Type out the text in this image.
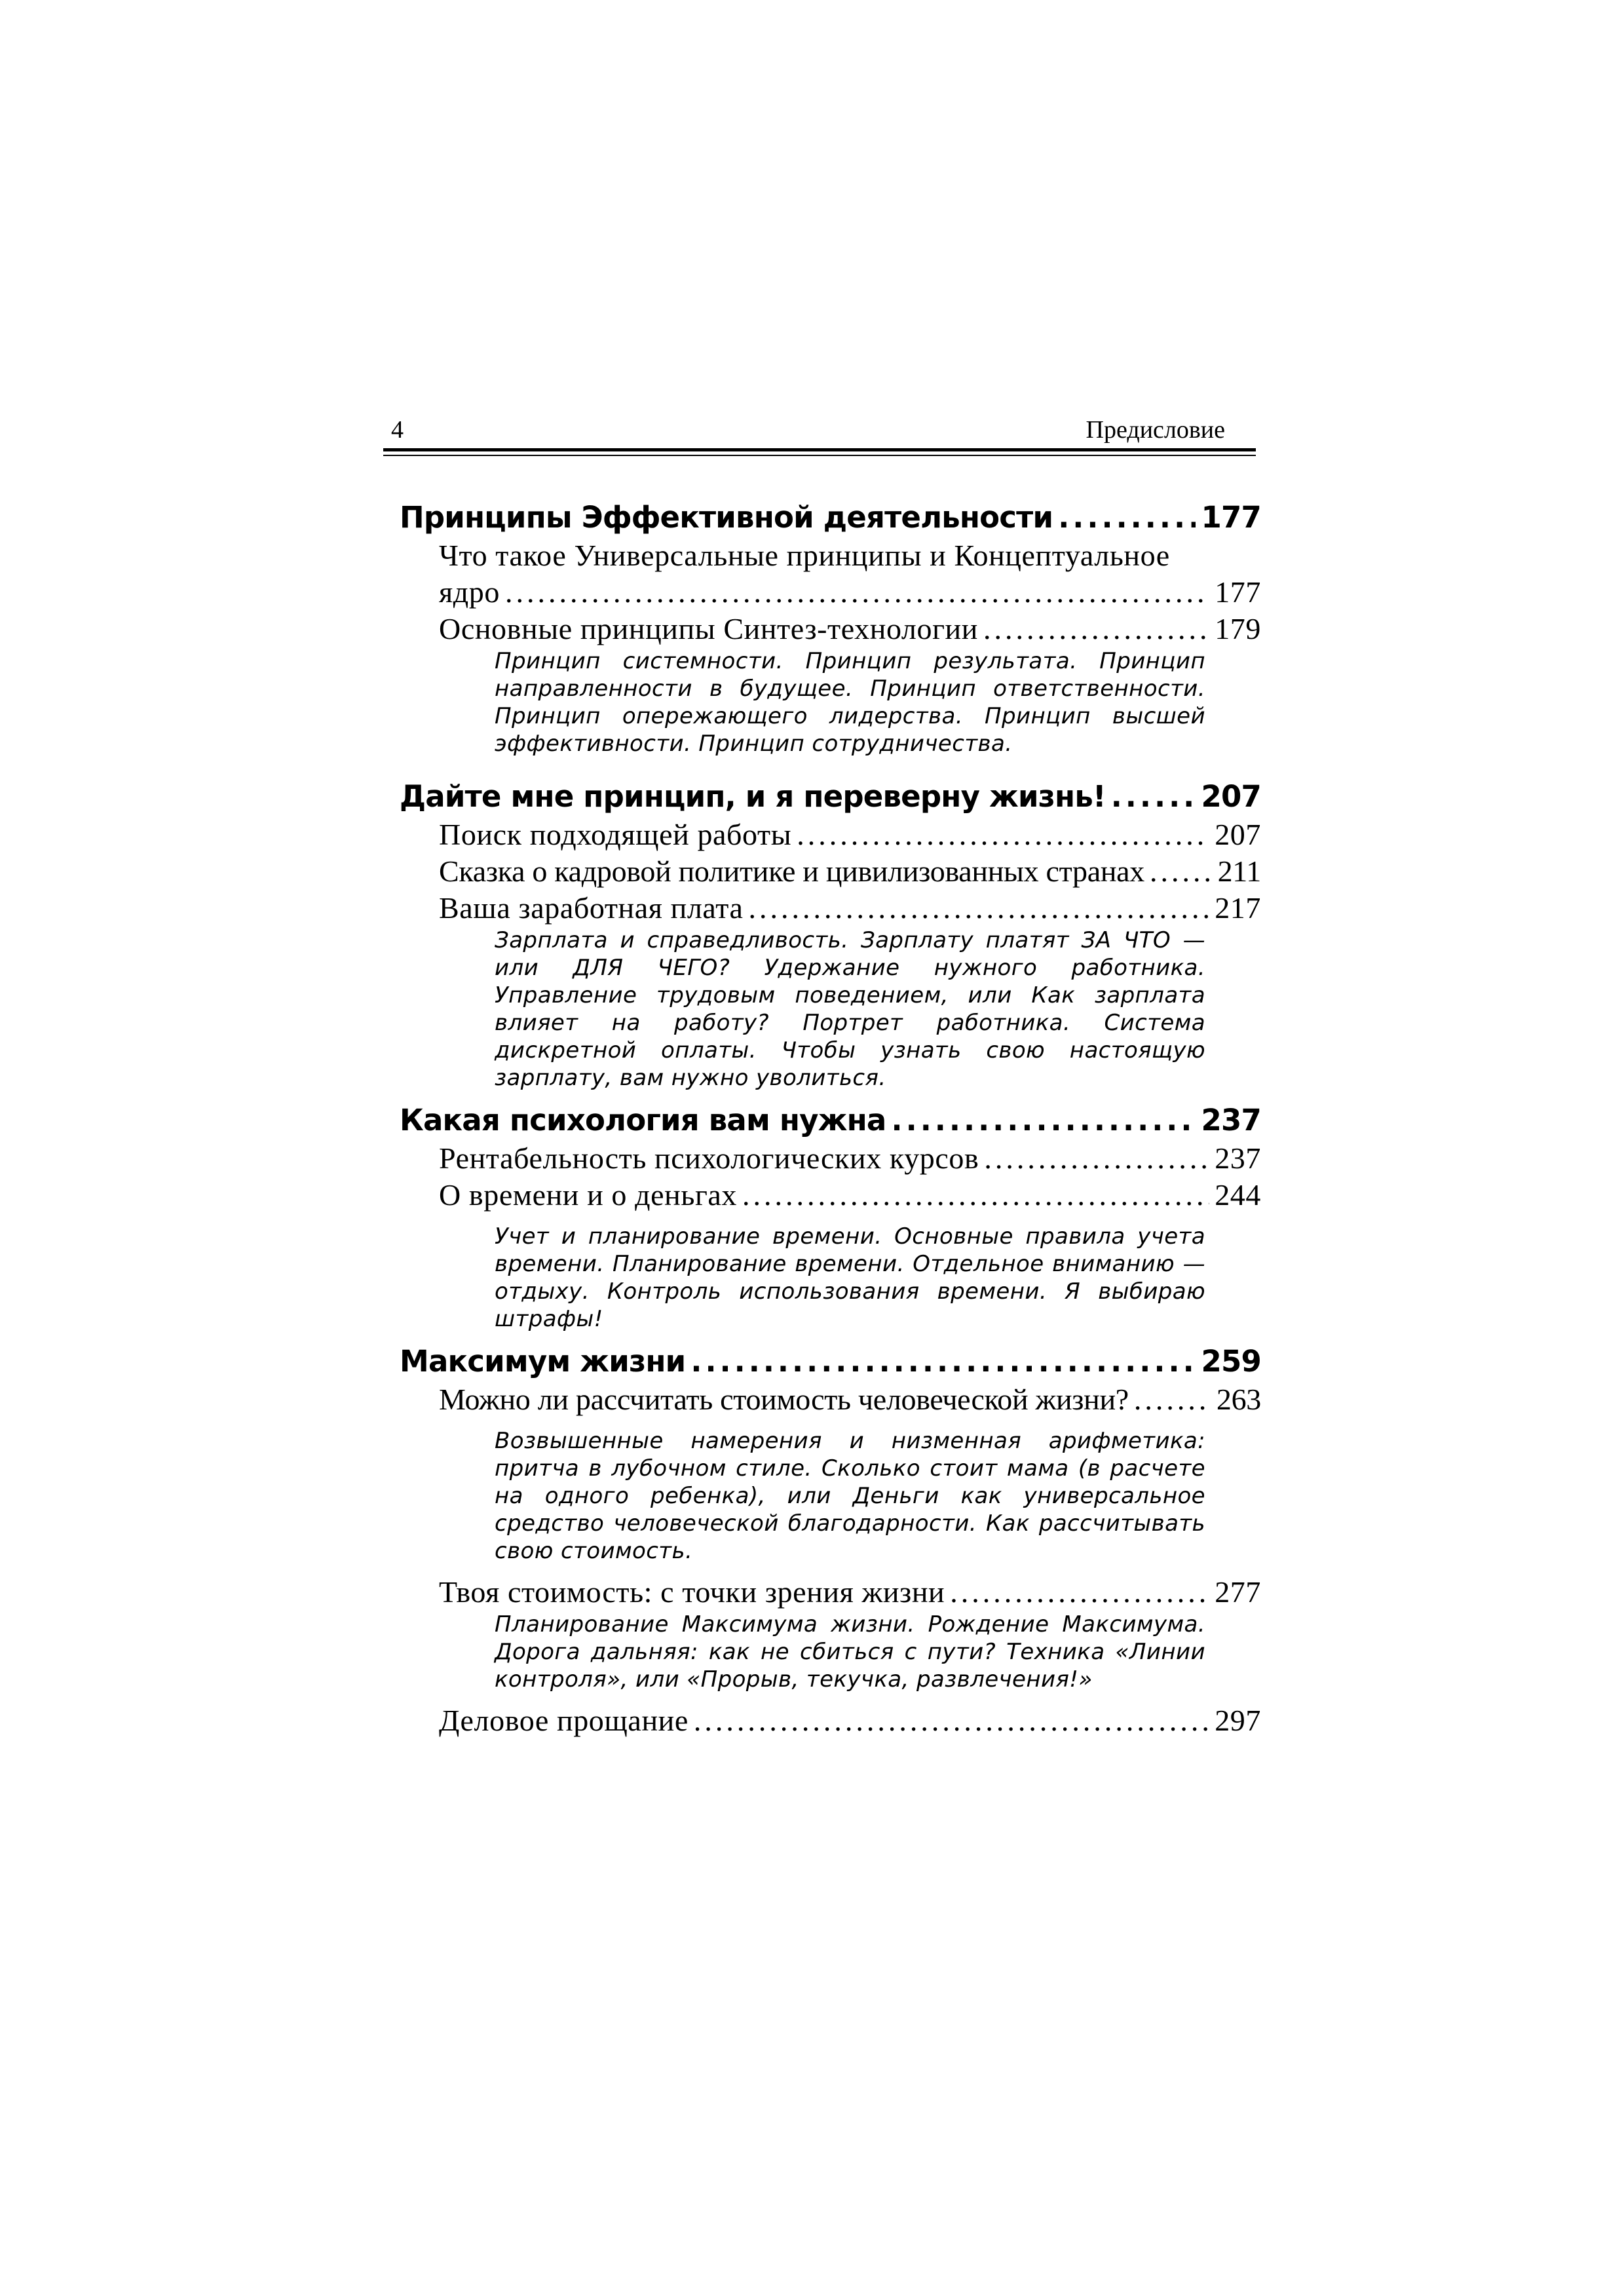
4	Предисловие
Принципы Эффективной деятельности .....	177
Что такое Универсальные принципы и Концептуальное
ядро .....	177
Основные принципы Синтез-технологии .....	179
Принцип системности. Принцип результата. Принцип направленности в будущее. Принцип ответственности. Принцип опережающего лидерства. Принцип высшей эффективности. Принцип сотрудничества.
Дайте мне принцип, и я переверну жизнь! .....	207
Поиск подходящей работы .....	207
Сказка о кадровой политике и цивилизованных странах ..... 211
Ваша заработная плата .....	217
Зарплата и справедливость. Зарплату платят ЗА ЧТО — или ДЛЯ ЧЕГО? Удержание нужного работника. Управление трудовым поведением, или Как зарплата влияет на работу? Портрет работника. Система дискретной оплаты. Чтобы узнать свою настоящую зарплату, вам нужно уволиться.
Какая психология вам нужна .....	237
Рентабельность психологических курсов .....	237
О времени и о деньгах .....	244
Учет и планирование времени. Основные правила учета времени. Планирование времени. Отдельное вниманию — отдыху. Контроль использования времени. Я выбираю штрафы!
Максимум жизни .....	259
Можно ли рассчитать стоимость человеческой жизни? .....	263
Возвышенные намерения и низменная арифметика: притча в лубочном стиле. Сколько стоит мама (в расчете на одного ребенка), или Деньги как универсальное средство человеческой благодарности. Как рассчитывать свою стоимость.
Твоя стоимость: с точки зрения жизни .....	277
Планирование Максимума жизни. Рождение Максимума. Дорога дальняя: как не сбиться с пути? Техника «Линии контроля», или «Прорыв, текучка, развлечения!»
Деловое прощание .....	297
